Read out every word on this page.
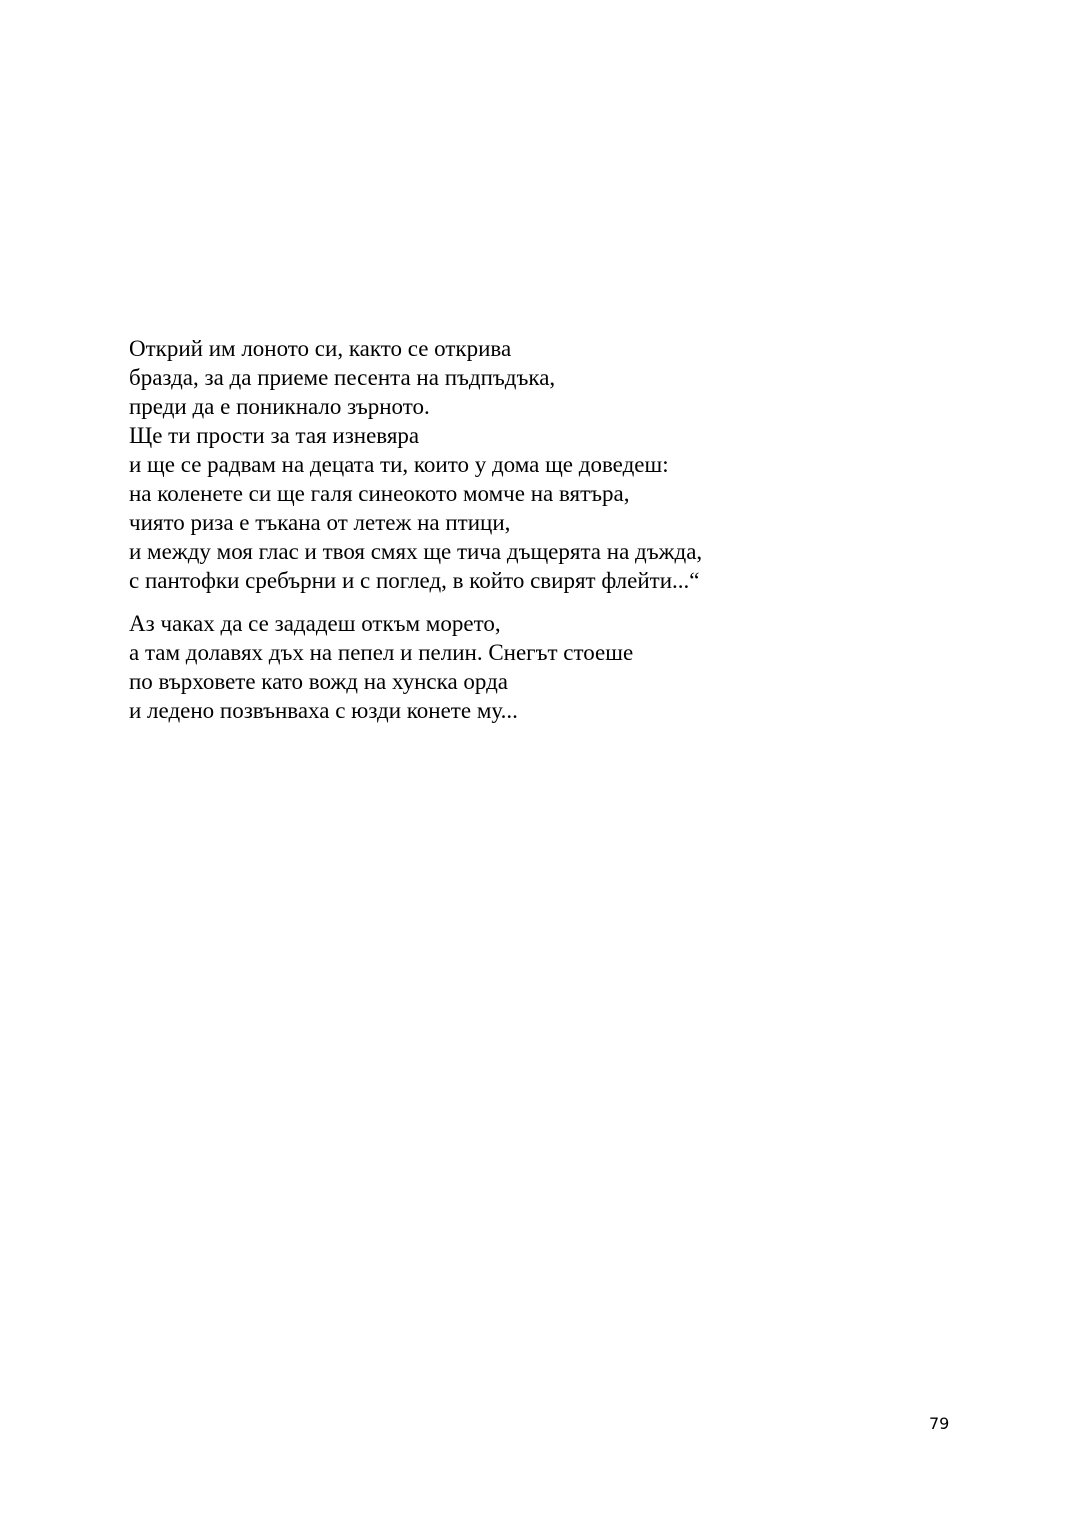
Открий им лоното си, както се открива
бразда, за да приеме песента на пъдпъдъка,
преди да е поникнало зърното.
Ще ти прости за тая изневяра
и ще се радвам на децата ти, които у дома ще доведеш:
на коленете си ще галя синеокото момче на вятъра,
чиято риза е тъкана от летеж на птици,
и между моя глас и твоя смях ще тича дъщерята на дъжда,
с пантофки сребърни и с поглед, в който свирят флейти...“

Аз чаках да се зададеш откъм морето,
а там долавях дъх на пепел и пелин. Снегът стоеше
по върховете като вожд на хунска орда
и ледено позвънваха с юзди конете му...

79
